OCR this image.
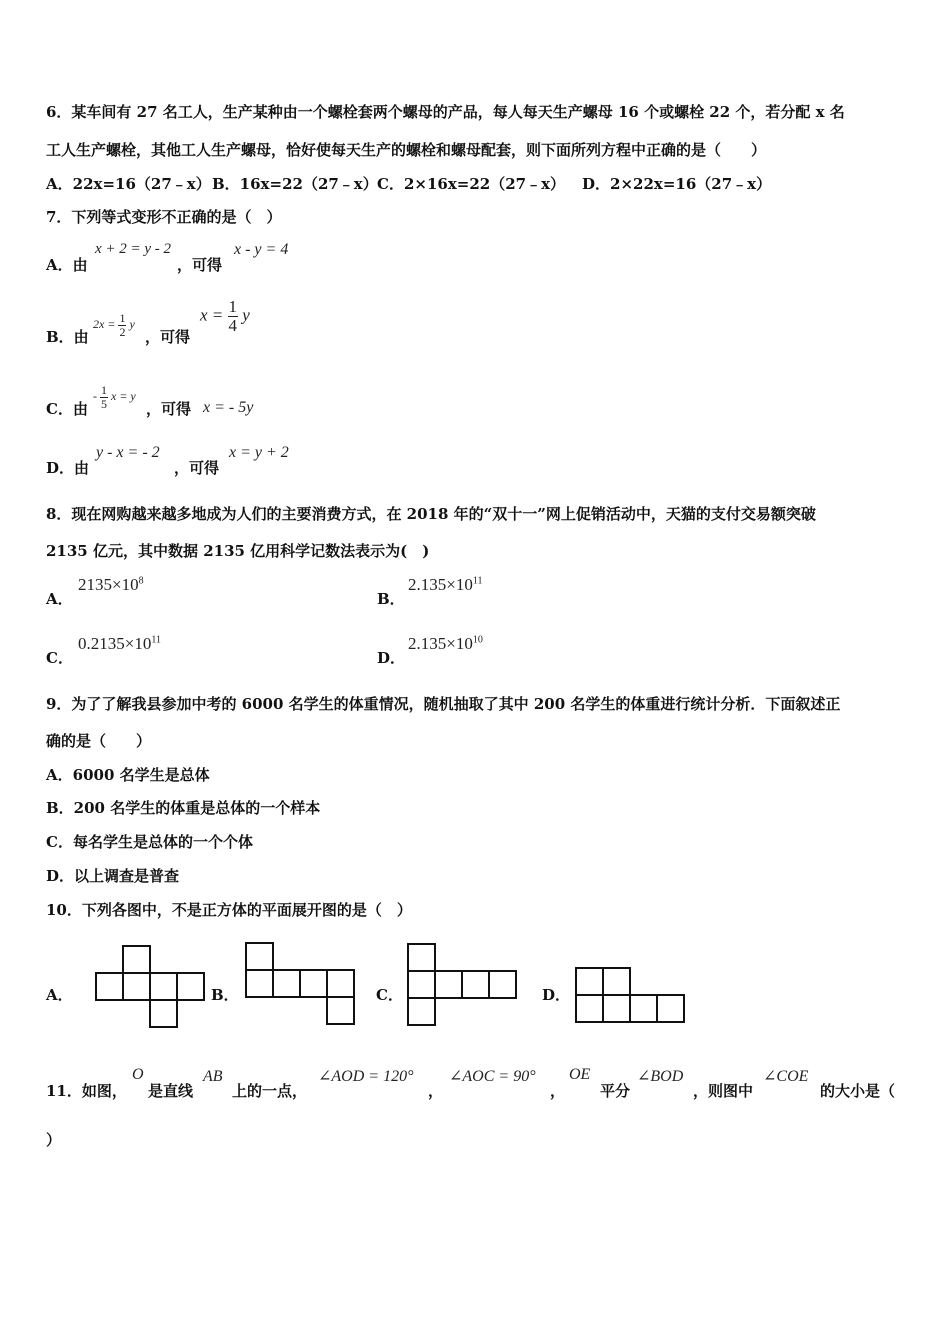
6．某车间有 27 名工人，生产某种由一个螺栓套两个螺母的产品，每人每天生产螺母 16 个或螺栓 22 个，若分配 x 名
工人生产螺栓，其他工人生产螺母，恰好使每天生产的螺栓和螺母配套，则下面所列方程中正确的是（　　）
A．22x=16（27﹣x） B．16x=22（27﹣x） C．2×16x=22（27﹣x） D．2×22x=16（27﹣x）
7．下列等式变形不正确的是（　）
A．由
x + 2 = y - 2
，可得
x - y = 4
B．由
$2x = \frac{1}{2}$ y
，可得
$x = \frac{1}{4}$ y
C．由
- $\frac{1}{5}$ x = y
，可得 x = - 5y
D．由
y - x = - 2
，可得
x = y + 2
8．现在网购越来越多地成为人们的主要消费方式，在 2018 年的“双十一”网上促销活动中，天猫的支付交易额突破
2135 亿元，其中数据 2135 亿用科学记数法表示为(　)
A．
$2135\times 10^8$
B．
$2.135\times 10^{11}$
C．
$0.2135\times 10^{11}$
D．
$2.135\times 10^{10}$
9．为了了解我县参加中考的 6000 名学生的体重情况，随机抽取了其中 200 名学生的体重进行统计分析．下面叙述正
确的是（　　）
A．6000 名学生是总体
B．200 名学生的体重是总体的一个样本
C．每名学生是总体的一个个体
D．以上调查是普查
10．下列各图中，不是正方体的平面展开图的是（　）
A．	B．	C．	D．
11．如图，
O
是直线
AB
上的一点，
∠AOD = 120°
，
∠AOC = 90°
，
OE
平分
∠BOD
，则图中
∠COE
的大小是（
）
